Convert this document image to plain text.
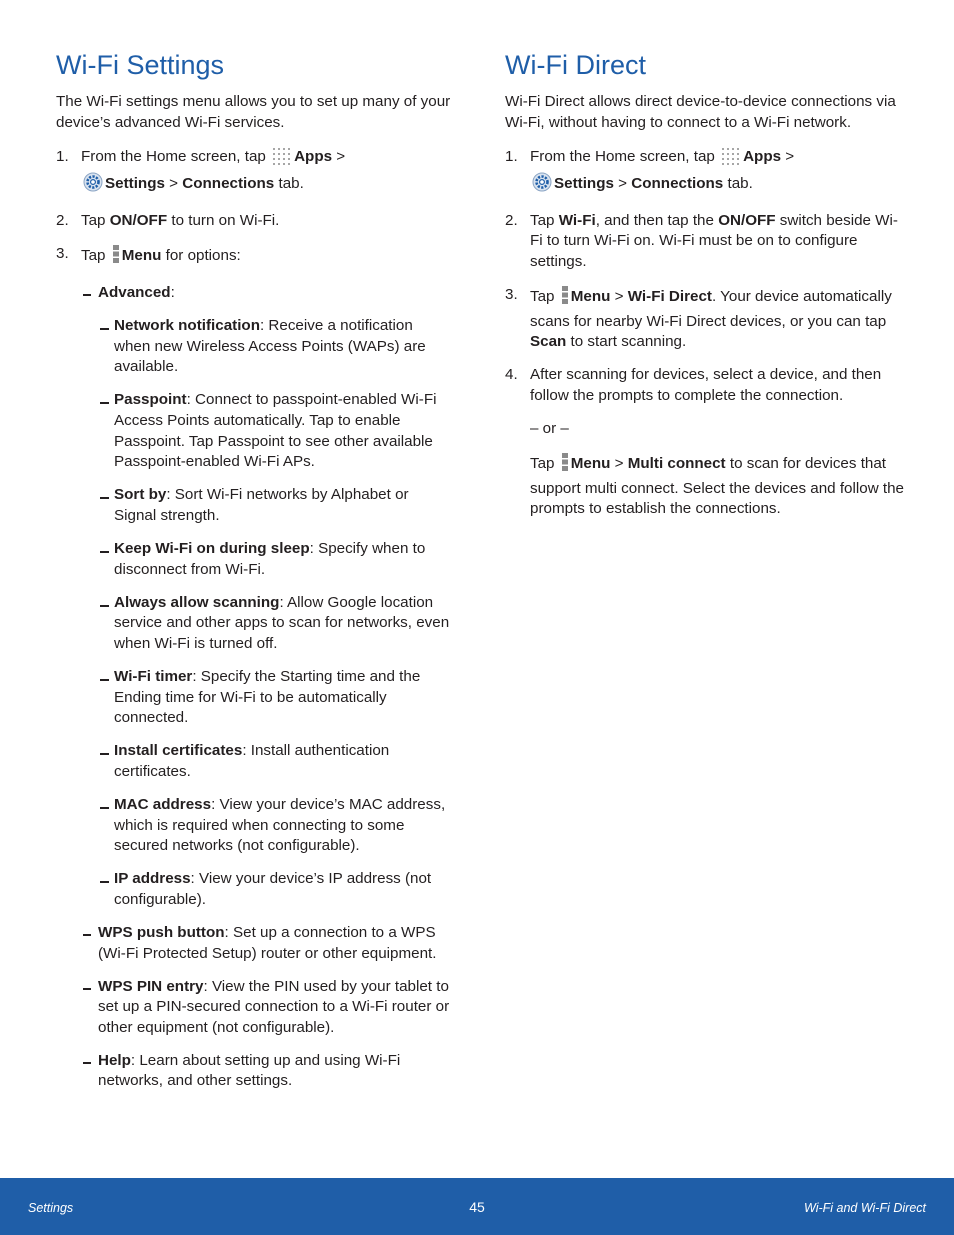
Wi-Fi Settings

The Wi-Fi settings menu allows you to set up many of your device’s advanced Wi-Fi services.

1. From the Home screen, tap Apps >
Settings > Connections tab.
2. Tap ON/OFF to turn on Wi-Fi.
3. Tap Menu for options:
Advanced:
Network notification: Receive a notification when new Wireless Access Points (WAPs) are available.
Passpoint: Connect to passpoint-enabled Wi-Fi Access Points automatically. Tap to enable Passpoint. Tap Passpoint to see other available Passpoint-enabled Wi-Fi APs.
Sort by: Sort Wi-Fi networks by Alphabet or Signal strength.
Keep Wi-Fi on during sleep: Specify when to disconnect from Wi-Fi.
Always allow scanning: Allow Google location service and other apps to scan for networks, even when Wi-Fi is turned off.
Wi-Fi timer: Specify the Starting time and the Ending time for Wi-Fi to be automatically connected.
Install certificates: Install authentication certificates.
MAC address: View your device’s MAC address, which is required when connecting to some secured networks (not configurable).
IP address: View your device’s IP address (not configurable).
WPS push button: Set up a connection to a WPS (Wi-Fi Protected Setup) router or other equipment.
WPS PIN entry: View the PIN used by your tablet to set up a PIN-secured connection to a Wi-Fi router or other equipment (not configurable).
Help: Learn about setting up and using Wi-Fi networks, and other settings.
Wi-Fi Direct

Wi-Fi Direct allows direct device-to-device connections via Wi-Fi, without having to connect to a Wi-Fi network.

1. From the Home screen, tap Apps >
Settings > Connections tab.
2. Tap Wi-Fi, and then tap the ON/OFF switch beside Wi-Fi to turn Wi-Fi on. Wi-Fi must be on to configure settings.
3. Tap Menu > Wi-Fi Direct. Your device automatically scans for nearby Wi-Fi Direct devices, or you can tap Scan to start scanning.
4. After scanning for devices, select a device, and then follow the prompts to complete the connection.

– or –

Tap Menu > Multi connect to scan for devices that support multi connect. Select the devices and follow the prompts to establish the connections.

Settings	45	Wi-Fi and Wi-Fi Direct
